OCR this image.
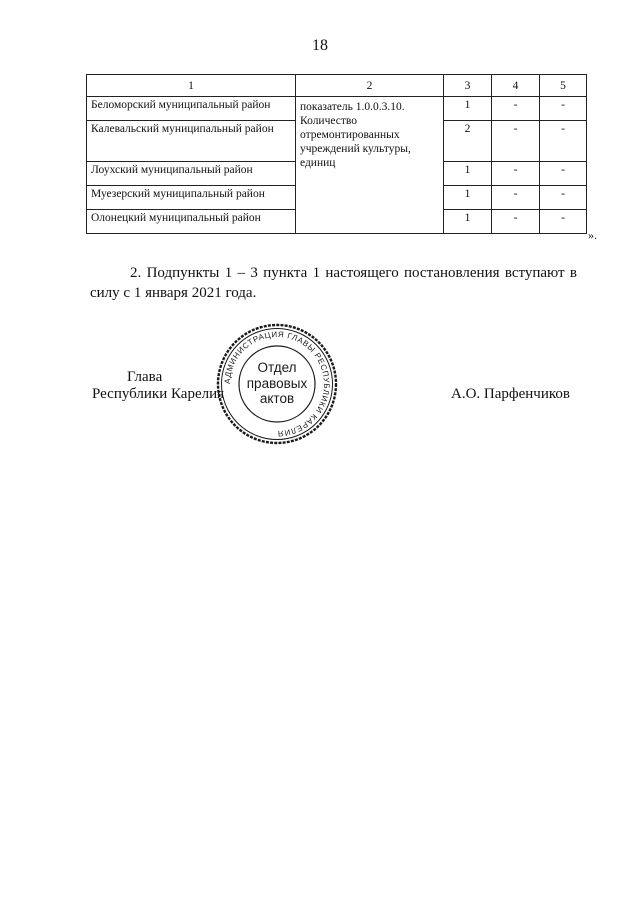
18
1	2	3	4	5
Беломорский муниципальный район	показатель 1.0.0.3.10. Количество отремонтированных учреждений культуры, единиц	1	-	-
Калевальский муниципальный район		2	-	-
Лоухский муниципальный район		1	-	-
Муезерский муниципальный район		1	-	-
Олонецкий муниципальный район		1	-	-
».
2. Подпункты 1 – 3 пункта 1 настоящего постановления вступают в силу с 1 января 2021 года.
Глава
Республики Карелия	А.О. Парфенчиков
АДМИНИСТРАЦИЯ ГЛАВЫ РЕСПУБЛИКИ КАРЕЛИЯ
Отдел
правовых
актов
